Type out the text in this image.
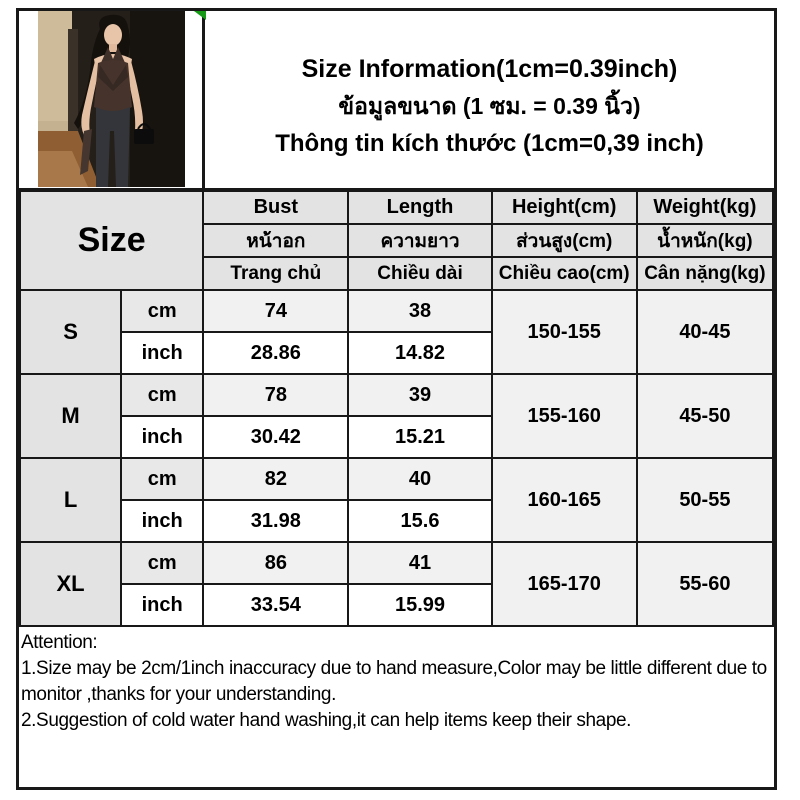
Size Information(1cm=0.39inch)
ข้อมูลขนาด (1 ซม. = 0.39 นิ้ว)
Thông tin kích thước (1cm=0,39 inch)
Size		Bust	Length	Height(cm)	Weight(kg)
		หน้าอก	ความยาว	ส่วนสูง(cm)	น้ำหนัก(kg)
		Trang chủ	Chiều dài	Chiều cao(cm)	Cân nặng(kg)
S	cm	74	38	150-155	40-45
	inch	28.86	14.82		
M	cm	78	39	155-160	45-50
	inch	30.42	15.21		
L	cm	82	40	160-165	50-55
	inch	31.98	15.6		
XL	cm	86	41	165-170	55-60
	inch	33.54	15.99		

Attention:

1.Size may be 2cm/1inch inaccuracy due to hand measure,Color may be little different due to monitor ,thanks for your understanding.

2.Suggestion of cold water hand washing,it can help items keep their shape.
